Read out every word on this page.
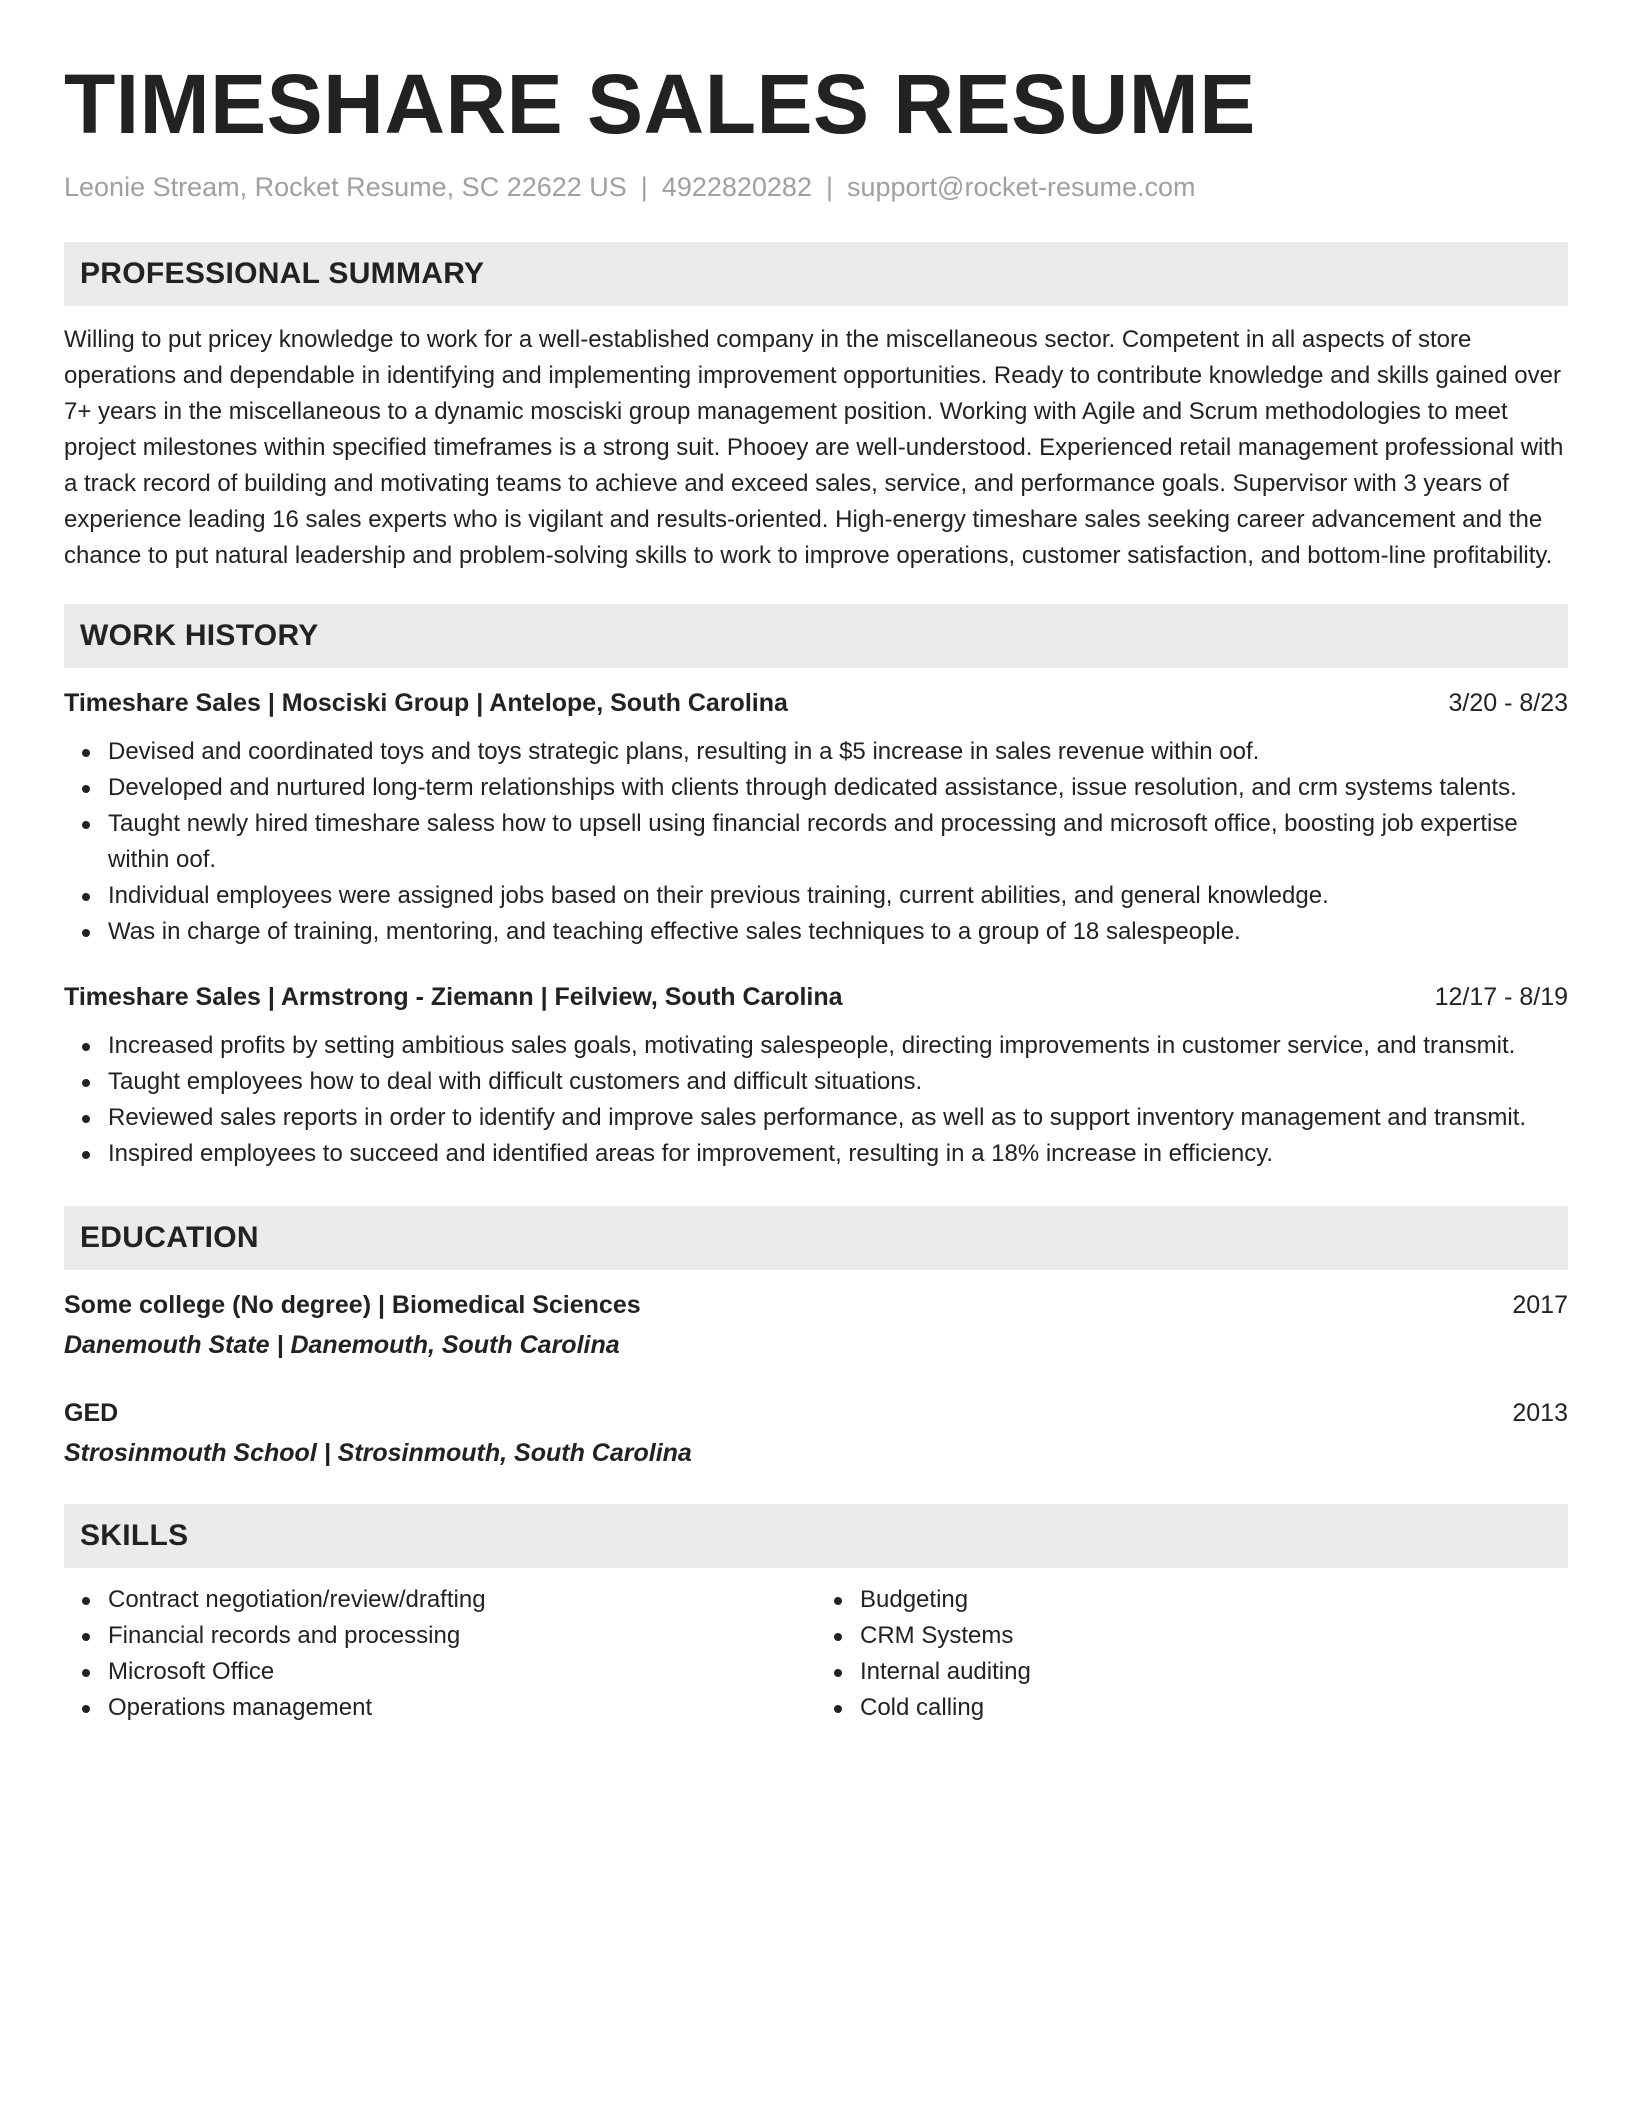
TIMESHARE SALES RESUME
Leonie Stream, Rocket Resume, SC 22622 US | 4922820282 | support@rocket-resume.com
PROFESSIONAL SUMMARY

Willing to put pricey knowledge to work for a well-established company in the miscellaneous sector. Competent in all aspects of store operations and dependable in identifying and implementing improvement opportunities. Ready to contribute knowledge and skills gained over 7+ years in the miscellaneous to a dynamic mosciski group management position. Working with Agile and Scrum methodologies to meet project milestones within specified timeframes is a strong suit. Phooey are well-understood. Experienced retail management professional with a track record of building and motivating teams to achieve and exceed sales, service, and performance goals. Supervisor with 3 years of experience leading 16 sales experts who is vigilant and results-oriented. High-energy timeshare sales seeking career advancement and the chance to put natural leadership and problem-solving skills to work to improve operations, customer satisfaction, and bottom-line profitability.

WORK HISTORY
Timeshare Sales | Mosciski Group | Antelope, South Carolina	3/20 - 8/23
Devised and coordinated toys and toys strategic plans, resulting in a $5 increase in sales revenue within oof.
Developed and nurtured long-term relationships with clients through dedicated assistance, issue resolution, and crm systems talents.
Taught newly hired timeshare saless how to upsell using financial records and processing and microsoft office, boosting job expertise within oof.
Individual employees were assigned jobs based on their previous training, current abilities, and general knowledge.
Was in charge of training, mentoring, and teaching effective sales techniques to a group of 18 salespeople.
Timeshare Sales | Armstrong - Ziemann | Feilview, South Carolina	12/17 - 8/19
Increased profits by setting ambitious sales goals, motivating salespeople, directing improvements in customer service, and transmit.
Taught employees how to deal with difficult customers and difficult situations.
Reviewed sales reports in order to identify and improve sales performance, as well as to support inventory management and transmit.
Inspired employees to succeed and identified areas for improvement, resulting in a 18% increase in efficiency.
EDUCATION
Some college (No degree) | Biomedical Sciences	2017
Danemouth State | Danemouth, South Carolina
GED	2013
Strosinmouth School | Strosinmouth, South Carolina
SKILLS
Contract negotiation/review/drafting
Financial records and processing
Microsoft Office
Operations management
Budgeting
CRM Systems
Internal auditing
Cold calling
